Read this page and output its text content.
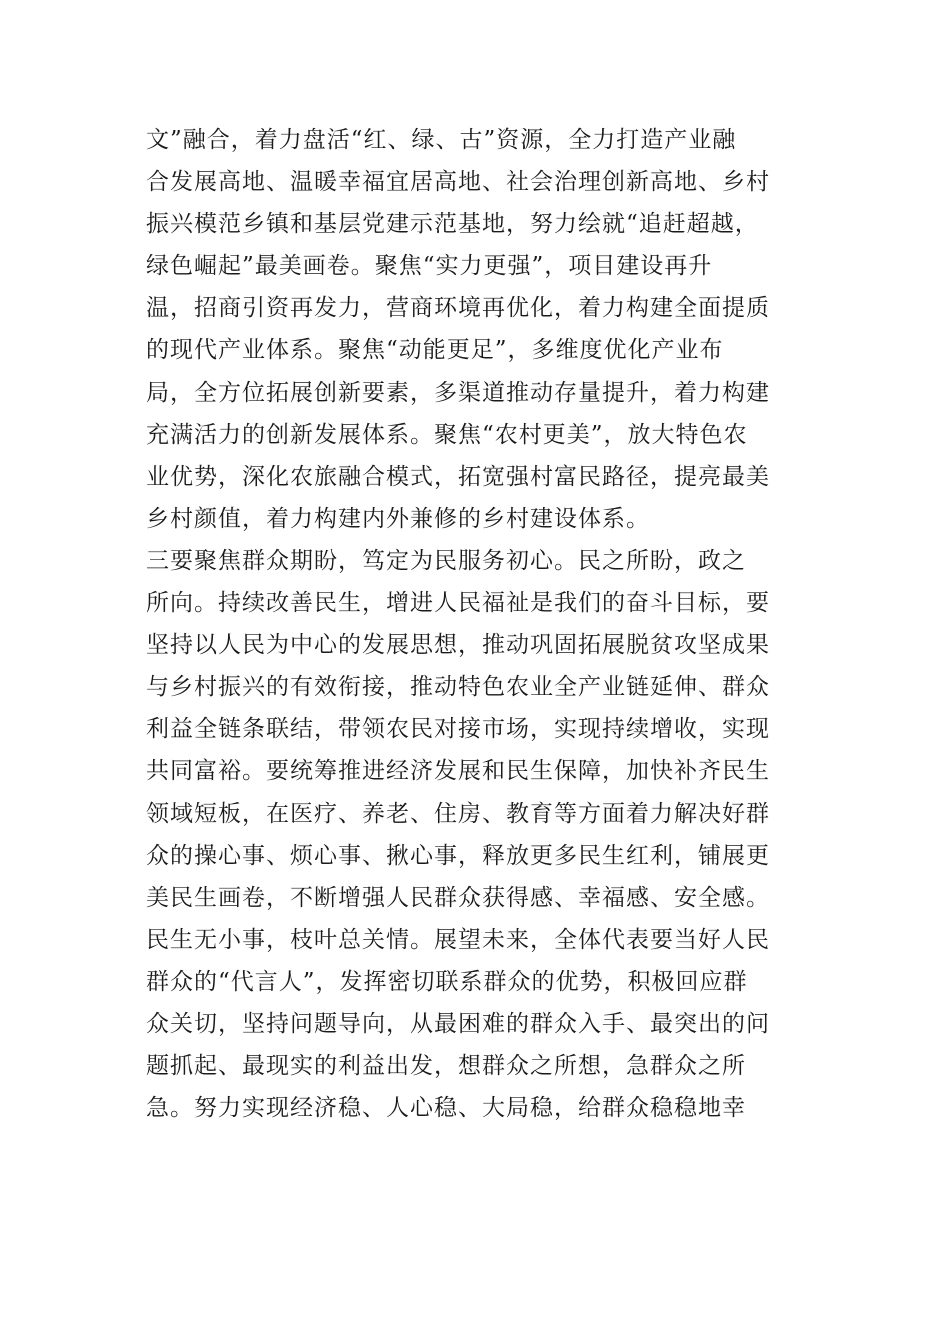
文”融合，着力盘活“红、绿、古”资源，全力打造产业融
合发展高地、温暖幸福宜居高地、社会治理创新高地、乡村
振兴模范乡镇和基层党建示范基地，努力绘就“追赶超越，
绿色崛起”最美画卷。聚焦“实力更强”，项目建设再升
温，招商引资再发力，营商环境再优化，着力构建全面提质
的现代产业体系。聚焦“动能更足”，多维度优化产业布
局，全方位拓展创新要素，多渠道推动存量提升，着力构建
充满活力的创新发展体系。聚焦“农村更美”，放大特色农
业优势，深化农旅融合模式，拓宽强村富民路径，提亮最美
乡村颜值，着力构建内外兼修的乡村建设体系。
三要聚焦群众期盼，笃定为民服务初心。民之所盼，政之
所向。持续改善民生，增进人民福祉是我们的奋斗目标，要
坚持以人民为中心的发展思想，推动巩固拓展脱贫攻坚成果
与乡村振兴的有效衔接，推动特色农业全产业链延伸、群众
利益全链条联结，带领农民对接市场，实现持续增收，实现
共同富裕。要统筹推进经济发展和民生保障，加快补齐民生
领域短板，在医疗、养老、住房、教育等方面着力解决好群
众的操心事、烦心事、揪心事，释放更多民生红利，铺展更
美民生画卷，不断增强人民群众获得感、幸福感、安全感。
民生无小事，枝叶总关情。展望未来，全体代表要当好人民
群众的“代言人”，发挥密切联系群众的优势，积极回应群
众关切，坚持问题导向，从最困难的群众入手、最突出的问
题抓起、最现实的利益出发，想群众之所想，急群众之所
急。努力实现经济稳、人心稳、大局稳，给群众稳稳地幸
